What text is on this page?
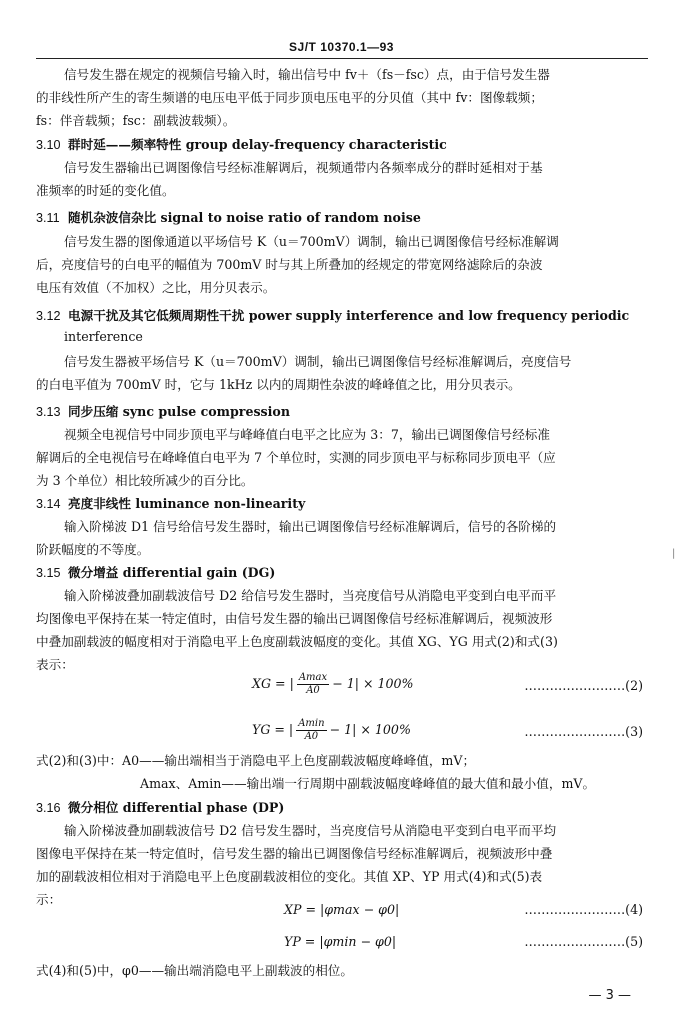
SJ/T 10370.1—93
信号发生器在规定的视频信号输入时，输出信号中 fv＋（fs－fsc）点，由于信号发生器
的非线性所产生的寄生频谱的电压电平低于同步顶电压电平的分贝值（其中 fv：图像载频；
fs：伴音载频；fsc：副载波载频）。
3.10 群时延——频率特性 group delay-frequency characteristic
信号发生器输出已调图像信号经标准解调后，视频通带内各频率成分的群时延相对于基
准频率的时延的变化值。
3.11 随机杂波信杂比 signal to noise ratio of random noise
信号发生器的图像通道以平场信号 K（u＝700mV）调制，输出已调图像信号经标准解调
后，亮度信号的白电平的幅值为 700mV 时与其上所叠加的经规定的带宽网络滤除后的杂波
电压有效值（不加权）之比，用分贝表示。
3.12 电源干扰及其它低频周期性干扰 power supply interference and low frequency periodic
interference
信号发生器被平场信号 K（u＝700mV）调制，输出已调图像信号经标准解调后，亮度信号
的白电平值为 700mV 时，它与 1kHz 以内的周期性杂波的峰峰值之比，用分贝表示。
3.13 同步压缩 sync pulse compression
视频全电视信号中同步顶电平与峰峰值白电平之比应为 3：7，输出已调图像信号经标准
解调后的全电视信号在峰峰值白电平为 7 个单位时，实测的同步顶电平与标称同步顶电平（应
为 3 个单位）相比较所减少的百分比。
3.14 亮度非线性 luminance non-linearity
输入阶梯波 D1 信号给信号发生器时，输出已调图像信号经标准解调后，信号的各阶梯的
阶跃幅度的不等度。
3.15 微分增益 differential gain (DG)
输入阶梯波叠加副载波信号 D2 给信号发生器时，当亮度信号从消隐电平变到白电平而平
均图像电平保持在某一特定值时，由信号发生器的输出已调图像信号经标准解调后，视频波形
中叠加副载波的幅度相对于消隐电平上色度副载波幅度的变化。其值 XG、YG 用式(2)和式(3)
表示：
XG = | $\frac{Amax}{A0} - 1| \times 100\%$	……………………(2)
YG = | $\frac{Amin}{A0} - 1| \times 100\%$	……………………(3)
式(2)和(3)中：A0——输出端相当于消隐电平上色度副载波幅度峰峰值，mV；
Amax、Amin——输出端一行周期中副载波幅度峰峰值的最大值和最小值，mV。
3.16 微分相位 differential phase (DP)
输入阶梯波叠加副载波信号 D2 信号发生器时，当亮度信号从消隐电平变到白电平而平均
图像电平保持在某一特定值时，信号发生器的输出已调图像信号经标准解调后，视频波形中叠
加的副载波相位相对于消隐电平上色度副载波相位的变化。其值 XP、YP 用式(4)和式(5)表
示：
XP = |φmax − φ0|	……………………(4)
YP = |φmin − φ0|	……………………(5)
式(4)和(5)中，φ0——输出端消隐电平上副载波的相位。
— 3 —
|
